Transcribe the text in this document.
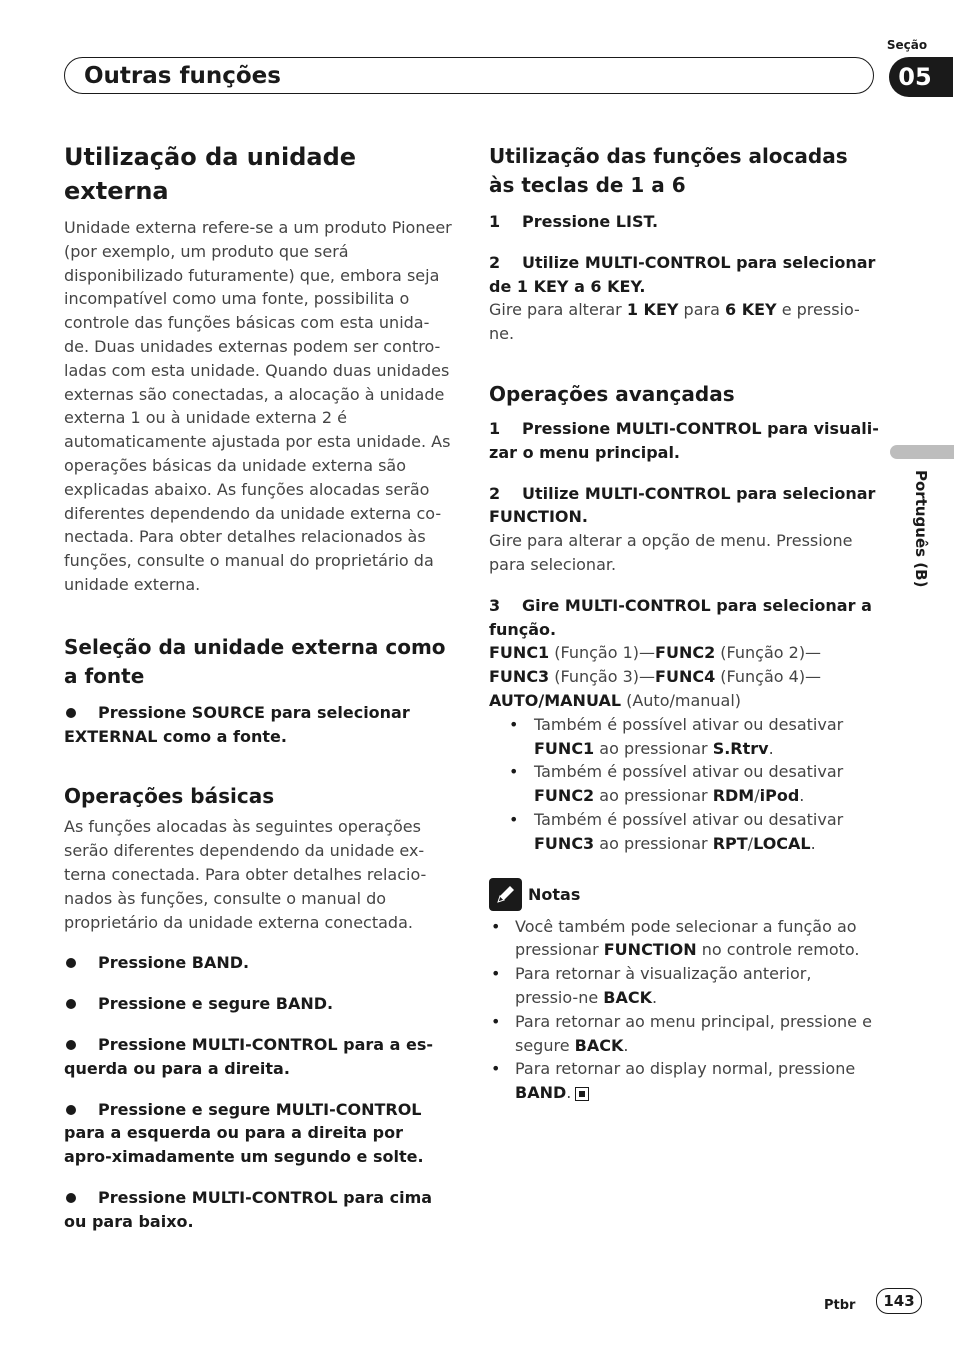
Seção
05
Outras funções
Português (B)
Utilização da unidade externa

Unidade externa refere-se a um produto Pioneer (por exemplo, um produto que será disponibilizado futuramente) que, embora seja incompatível como uma fonte, possibilita o controle das funções básicas com esta unida-de. Duas unidades externas podem ser contro-ladas com esta unidade. Quando duas unidades externas são conectadas, a alocação à unidade externa 1 ou à unidade externa 2 é automaticamente ajustada por esta unidade. As operações básicas da unidade externa são explicadas abaixo. As funções alocadas serão diferentes dependendo da unidade externa co-nectada. Para obter detalhes relacionados às funções, consulte o manual do proprietário da unidade externa.

Seleção da unidade externa como a fonte
Pressione SOURCE para selecionar EXTERNAL como a fonte.
Operações básicas

As funções alocadas às seguintes operações serão diferentes dependendo da unidade ex-terna conectada. Para obter detalhes relacio-nados às funções, consulte o manual do proprietário da unidade externa conectada.

Pressione BAND.
Pressione e segure BAND.
Pressione MULTI-CONTROL para a es-querda ou para a direita.
Pressione e segure MULTI-CONTROL para a esquerda ou para a direita por apro-ximadamente um segundo e solte.
Pressione MULTI-CONTROL para cima ou para baixo.
Utilização das funções alocadas às teclas de 1 a 6
1 Pressione LIST.
2 Utilize MULTI-CONTROL para selecionar de 1 KEY a 6 KEY.

Gire para alterar 1 KEY para 6 KEY e pressio-ne.

Operações avançadas
1 Pressione MULTI-CONTROL para visuali-zar o menu principal.
2 Utilize MULTI-CONTROL para selecionar FUNCTION.

Gire para alterar a opção de menu. Pressione para selecionar.

3 Gire MULTI-CONTROL para selecionar a função.

FUNC1 (Função 1)—FUNC2 (Função 2)— FUNC3 (Função 3)—FUNC4 (Função 4)— AUTO/MANUAL (Auto/manual)

• Também é possível ativar ou desativar FUNC1 ao pressionar S.Rtrv.

• Também é possível ativar ou desativar FUNC2 ao pressionar RDM/iPod.

• Também é possível ativar ou desativar FUNC3 ao pressionar RPT/LOCAL.

Notas

• Você também pode selecionar a função ao pressionar FUNCTION no controle remoto.

• Para retornar à visualização anterior, pressio-ne BACK.

• Para retornar ao menu principal, pressione e segure BACK.

• Para retornar ao display normal, pressione BAND.

Ptbr	143
